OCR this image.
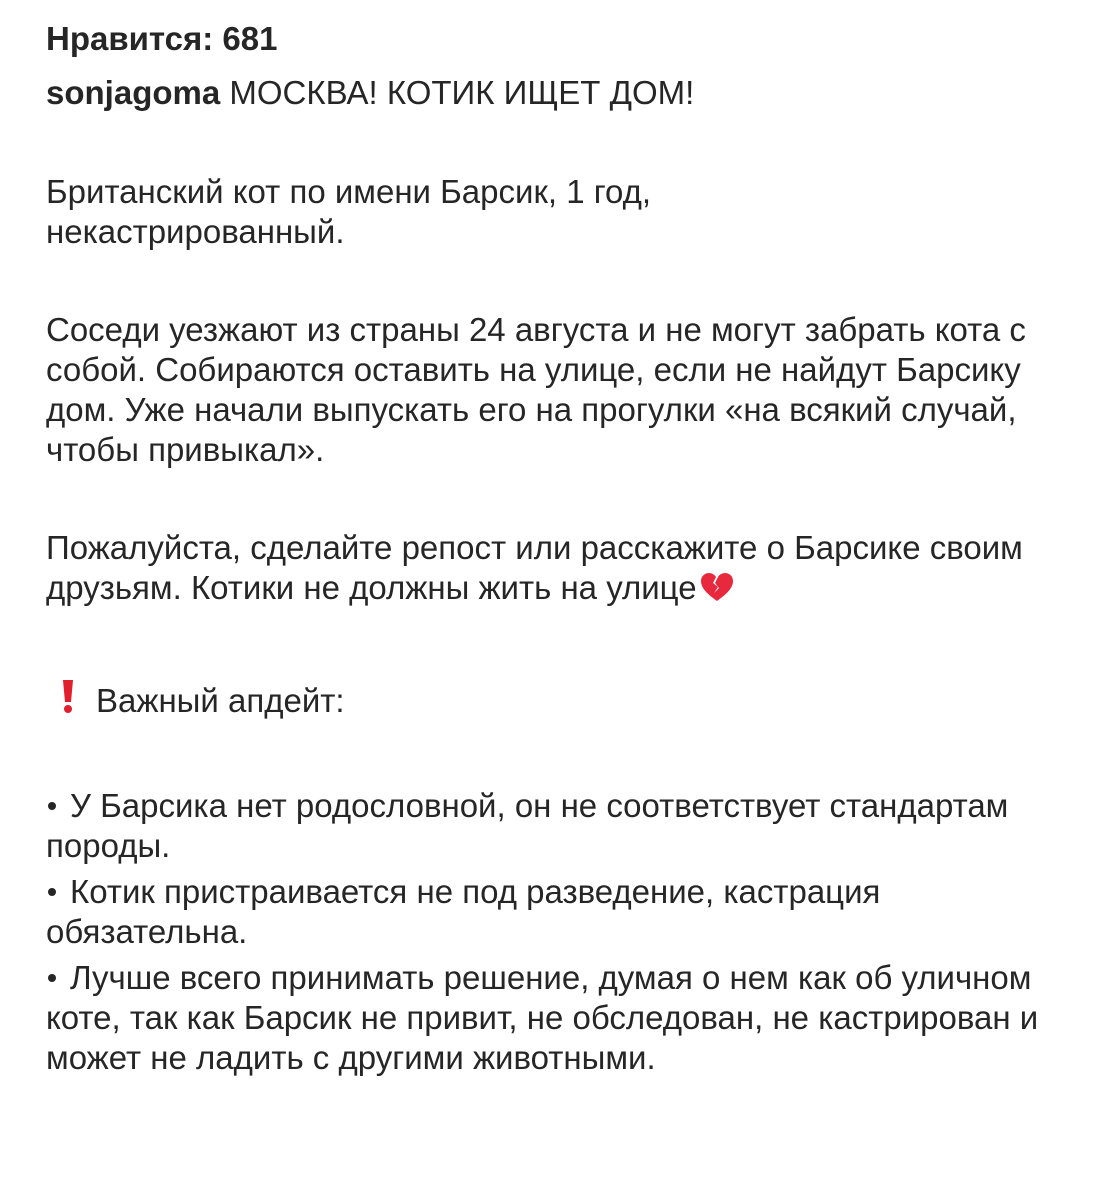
Нравится: 681

sonjagoma МОСКВА! КОТИК ИЩЕТ ДОМ!

Британский кот по имени Барсик, 1 год, некастрированный.

Соседи уезжают из страны 24 августа и не могут забрать кота с собой. Собираются оставить на улице, если не найдут Барсику дом. Уже начали выпускать его на прогулки «на всякий случай, чтобы привыкал».

Пожалуйста, сделайте репост или расскажите о Барсике своим друзьям. Котики не должны жить на улице

Важный апдейт:

У Барсика нет родословной, он не соответствует стандартам породы.

Котик пристраивается не под разведение, кастрация обязательна.

Лучше всего принимать решение, думая о нем как об уличном коте, так как Барсик не привит, не обследован, не кастрирован и может не ладить с другими животными.
